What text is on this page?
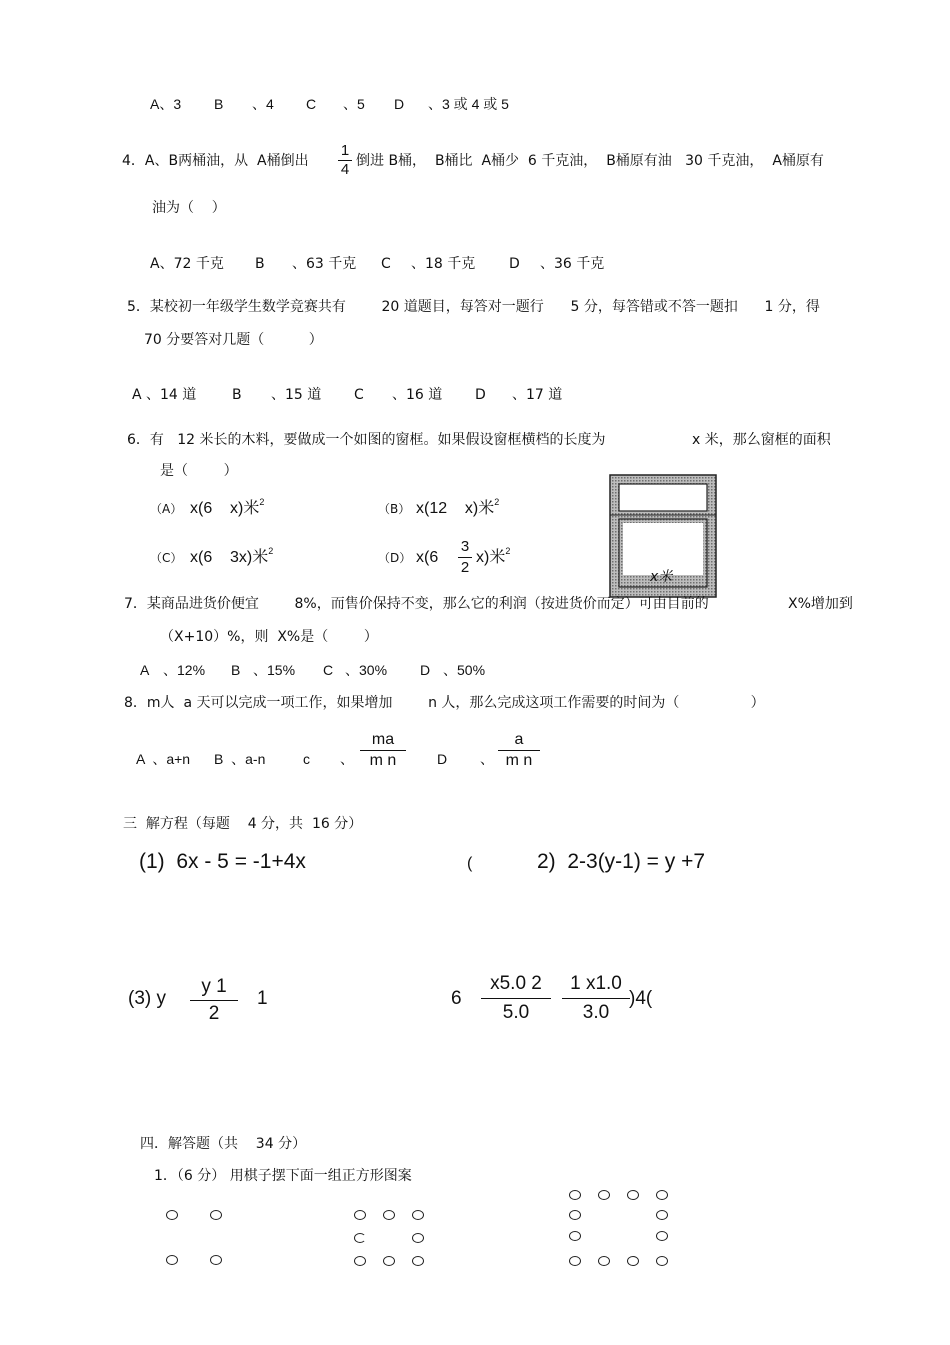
A、3 B 、4 C 、5 D 、3 或 4 或 5
4．A、B两桶油，从  A桶倒出 $\frac{1}{4}$ 倒进 B桶，  B桶比  A桶少  6 千克油，  B桶原有油   30 千克油，  A桶原有
油为（    ）
A、72 千克 B 、63 千克 C 、18 千克 D 、36 千克
5．某校初一年级学生数学竞赛共有        20 道题目，每答对一题行      5 分，每答错或不答一题扣      1 分，得
70 分要答对几题（          ）
A 、14 道	B 、15 道 C 、16 道 D 、17 道
6．有   12 米长的木料，要做成一个如图的窗框。如果假设窗框横档的长度为	x 米，那么窗框的面积
是（        ）
（A） x(6    x)米$^2$	（B） x(12    x)米$^2$
（C） x(6    3x)米$^2$	（D） $x(6 \frac{3}{2} x)$米$^2$
x米
7．某商品进货价便宜        8%，而售价保持不变，那么它的利润（按进货价而定）可由目前的	X%增加到
（X+10）%，则  X%是（        ）
A 、12% B 、15% C 、30% D 、50%
8．m人  a 天可以完成一项工作，如果增加        n 人，那么完成这项工作需要的时间为（                ）
A  、a+n B  、a-n	c 、 $\frac{ma}{\text{m n}}$ D 、 $\frac{a}{\text{m n}}$
三  解方程（每题    4 分，共  16 分）
(1)  6x - 5 = -1+4x	(	2)  2-3(y-1) = y +7
(3) y $\frac{y 1}{2} 1$	$6 \frac{x5.0 2}{5.0} \frac{1 x1.0}{3.0} )4$(
四．解答题（共    34 分）
1．（6 分） 用棋子摆下面一组正方形图案
